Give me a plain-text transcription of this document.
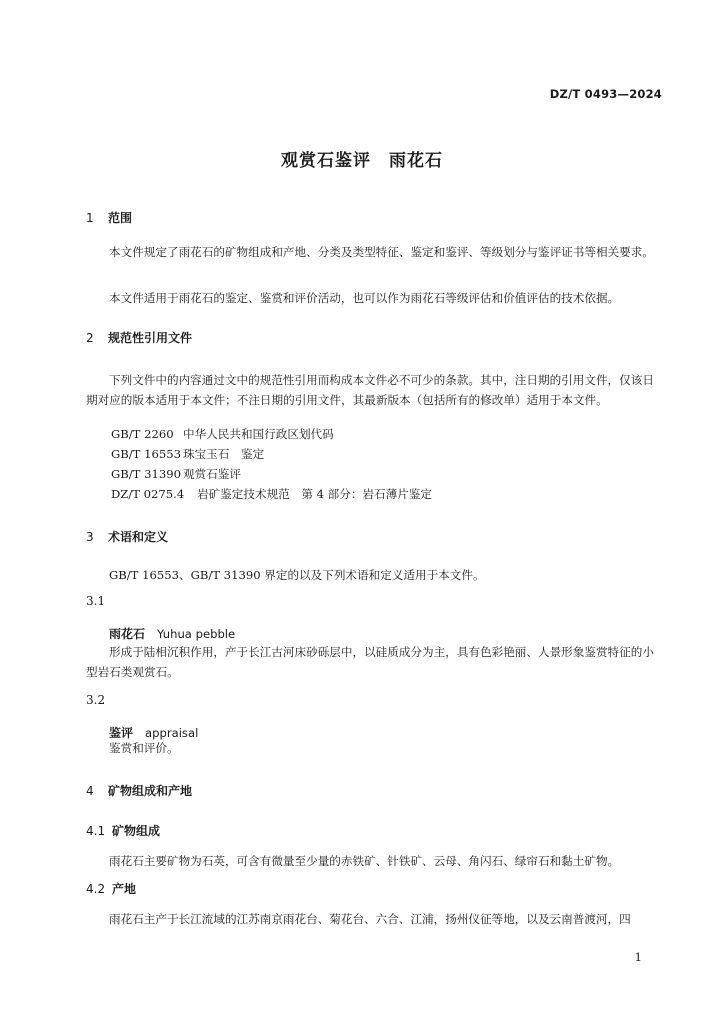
DZ/T 0493—2024
观赏石鉴评　雨花石
1 范围
本文件规定了雨花石的矿物组成和产地、分类及类型特征、鉴定和鉴评、等级划分与鉴评证书等相关要求。
本文件适用于雨花石的鉴定、鉴赏和评价活动，也可以作为雨花石等级评估和价值评估的技术依据。
2 规范性引用文件
下列文件中的内容通过文中的规范性引用而构成本文件必不可少的条款。其中，注日期的引用文件，仅该日期对应的版本适用于本文件；不注日期的引用文件，其最新版本（包括所有的修改单）适用于本文件。
GB/T 2260 中华人民共和国行政区划代码
GB/T 16553 珠宝玉石　鉴定
GB/T 31390 观赏石鉴评
DZ/T 0275.4 岩矿鉴定技术规范　第 4 部分：岩石薄片鉴定
3 术语和定义
GB/T 16553、GB/T 31390 界定的以及下列术语和定义适用于本文件。
3.1
雨花石 Yuhua pebble
形成于陆相沉积作用，产于长江古河床砂砾层中，以硅质成分为主，具有色彩艳丽、人景形象鉴赏特征的小型岩石类观赏石。
3.2
鉴评 appraisal
鉴赏和评价。
4 矿物组成和产地
4.1 矿物组成
雨花石主要矿物为石英，可含有微量至少量的赤铁矿、针铁矿、云母、角闪石、绿帘石和黏土矿物。
4.2 产地
雨花石主产于长江流域的江苏南京雨花台、菊花台、六合、江浦，扬州仪征等地，以及云南普渡河，四
1
